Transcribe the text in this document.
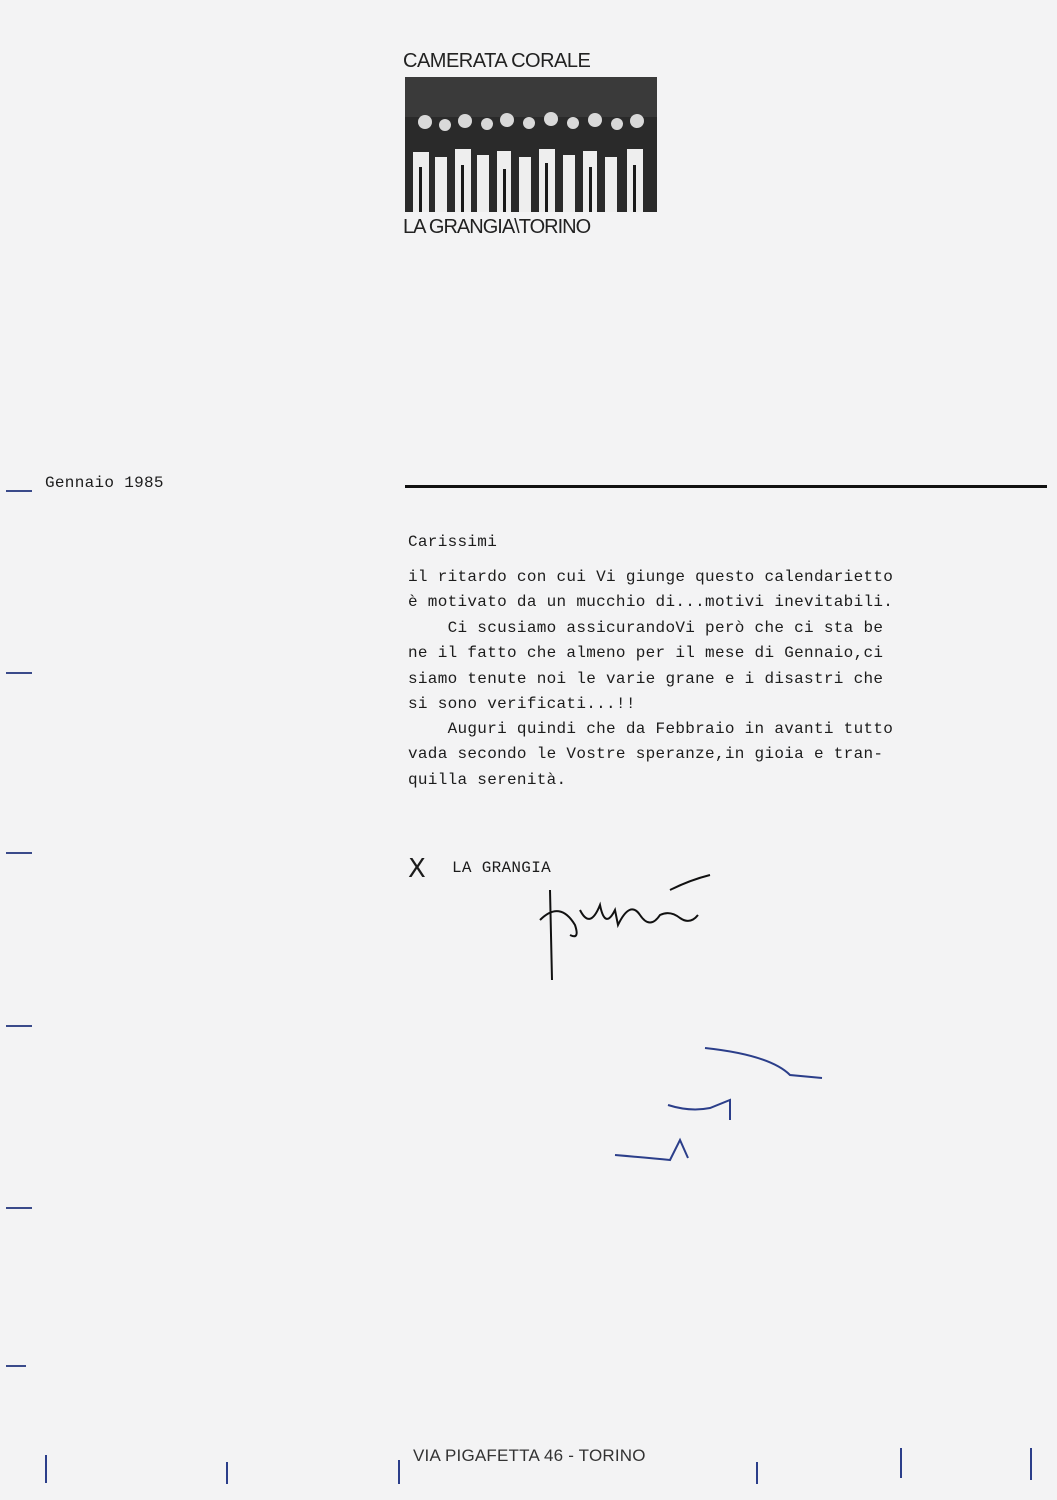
CAMERATA CORALE
LA GRANGIA\TORINO
Gennaio 1985
Carissimi
il ritardo con cui Vi giunge questo calendarietto
è motivato da un mucchio di...motivi inevitabili.
Ci scusiamo assicurandoVi però che ci sta be
ne il fatto che almeno per il mese di Gennaio,ci
siamo tenute noi le varie grane e i disastri che
si sono verificati...!!
Auguri quindi che da Febbraio in avanti tutto
vada secondo le Vostre speranze,in gioia e tran-
quilla serenità.
X	LA GRANGIA
VIA PIGAFETTA 46 - TORINO
